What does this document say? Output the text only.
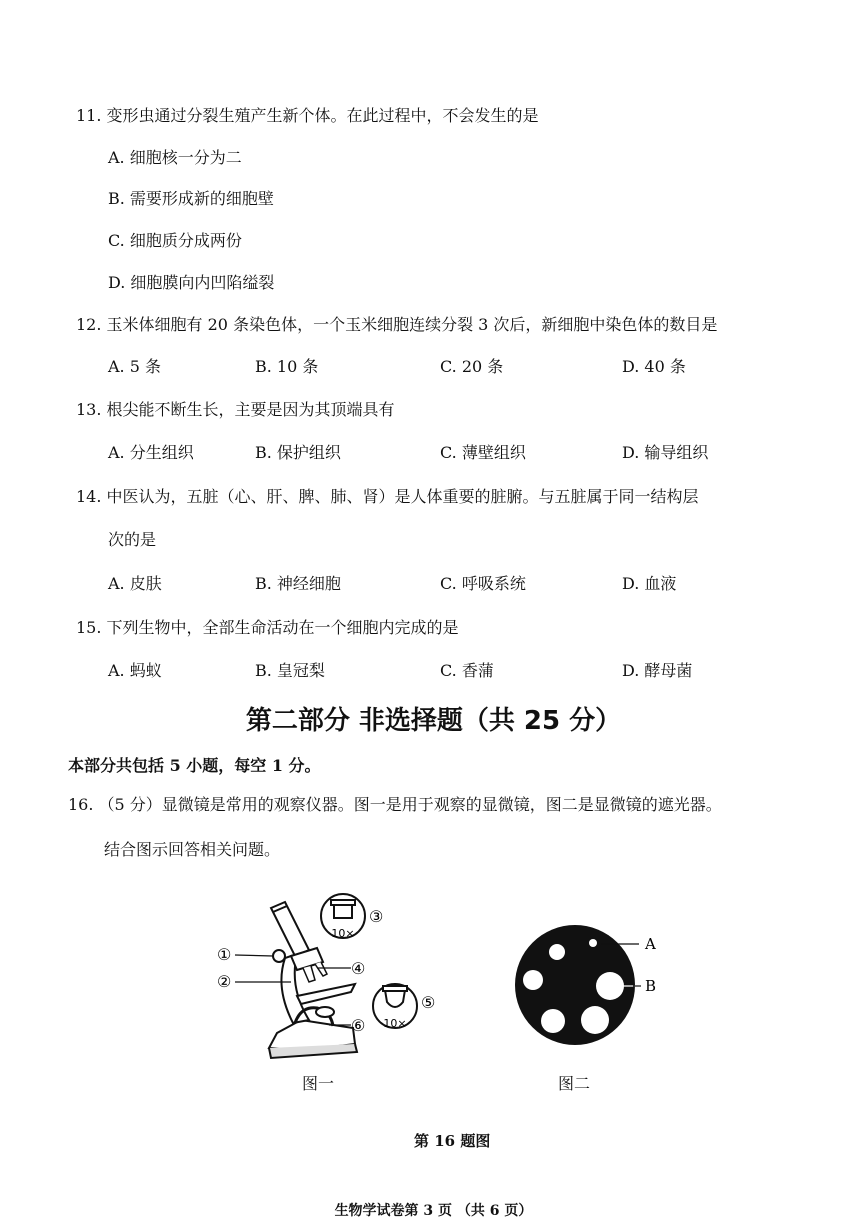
11. 变形虫通过分裂生殖产生新个体。在此过程中，不会发生的是
A. 细胞核一分为二
B. 需要形成新的细胞壁
C. 细胞质分成两份
D. 细胞膜向内凹陷缢裂
12. 玉米体细胞有 20 条染色体，一个玉米细胞连续分裂 3 次后，新细胞中染色体的数目是
A. 5 条	B. 10 条	C. 20 条	D. 40 条
13. 根尖能不断生长，主要是因为其顶端具有
A. 分生组织	B. 保护组织	C. 薄壁组织	D. 输导组织
14. 中医认为，五脏（心、肝、脾、肺、肾）是人体重要的脏腑。与五脏属于同一结构层
次的是
A. 皮肤	B. 神经细胞	C. 呼吸系统	D. 血液
15. 下列生物中，全部生命活动在一个细胞内完成的是
A. 蚂蚁	B. 皇冠梨	C. 香蒲	D. 酵母菌
第二部分 非选择题（共 25 分）
本部分共包括 5 小题，每空 1 分。
16. （5 分）显微镜是常用的观察仪器。图一是用于观察的显微镜，图二是显微镜的遮光器。
结合图示回答相关问题。
10×
10×
①
②
③
④
⑤
⑥
图一
A
B
图二
第 16 题图
生物学试卷第 3 页 （共 6 页）
